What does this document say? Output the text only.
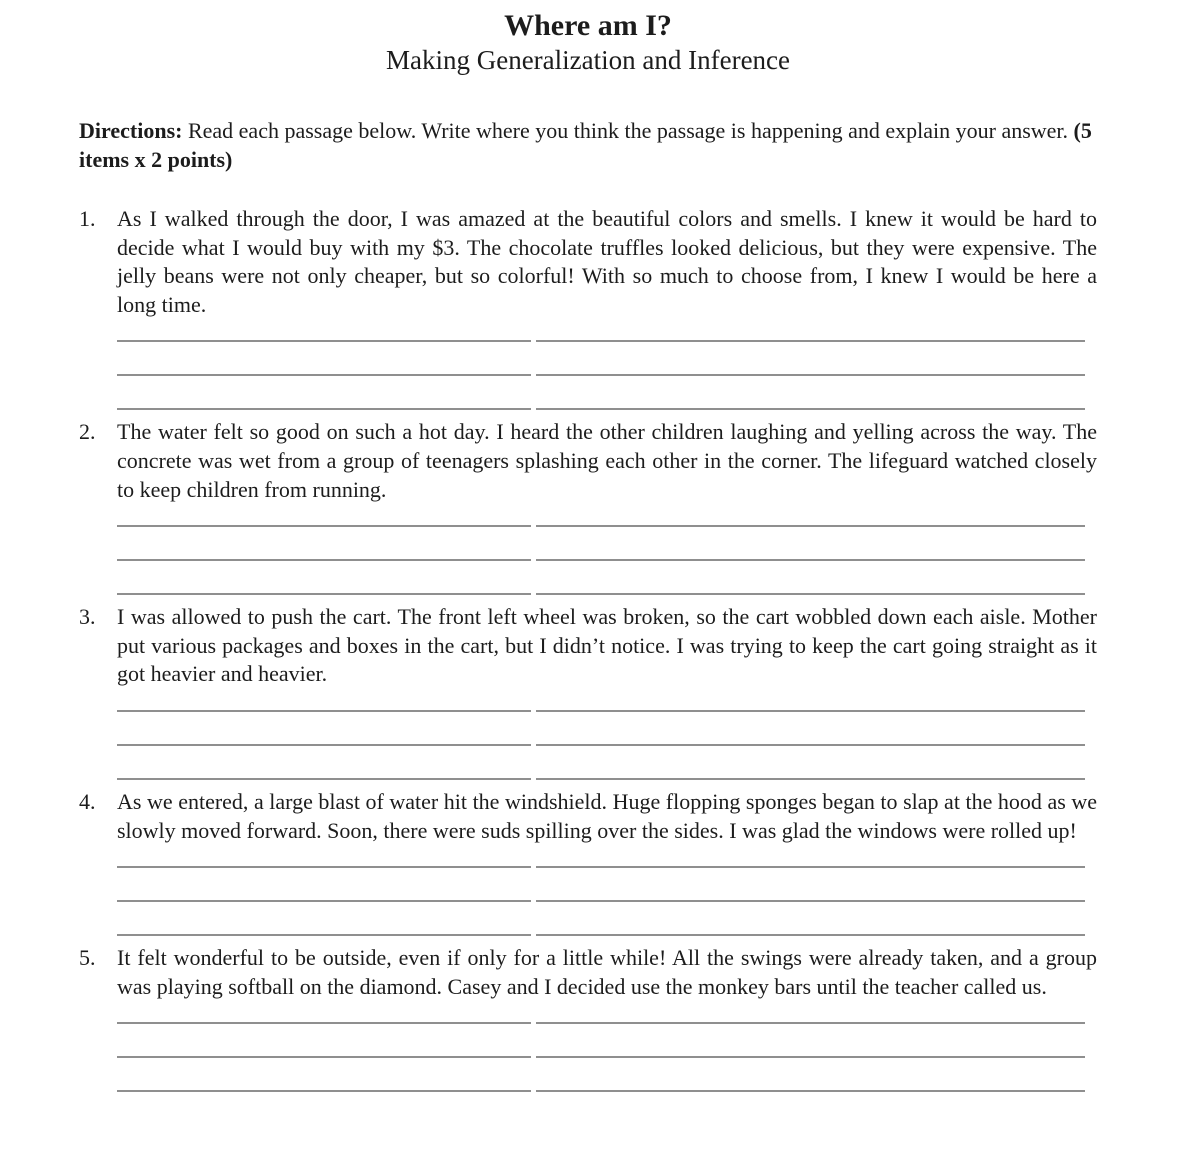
Where am I?
Making Generalization and Inference

Directions: Read each passage below. Write where you think the passage is happening and explain your answer. (5 items x 2 points)

1. As I walked through the door, I was amazed at the beautiful colors and smells. I knew it would be hard to decide what I would buy with my $3. The chocolate truffles looked delicious, but they were expensive. The jelly beans were not only cheaper, but so colorful! With so much to choose from, I knew I would be here a long time.

2. The water felt so good on such a hot day. I heard the other children laughing and yelling across the way. The concrete was wet from a group of teenagers splashing each other in the corner. The lifeguard watched closely to keep children from running.

3. I was allowed to push the cart. The front left wheel was broken, so the cart wobbled down each aisle. Mother put various packages and boxes in the cart, but I didn’t notice. I was trying to keep the cart going straight as it got heavier and heavier.

4. As we entered, a large blast of water hit the windshield. Huge flopping sponges began to slap at the hood as we slowly moved forward. Soon, there were suds spilling over the sides. I was glad the windows were rolled up!

5. It felt wonderful to be outside, even if only for a little while! All the swings were already taken, and a group was playing softball on the diamond. Casey and I decided use the monkey bars until the teacher called us.
